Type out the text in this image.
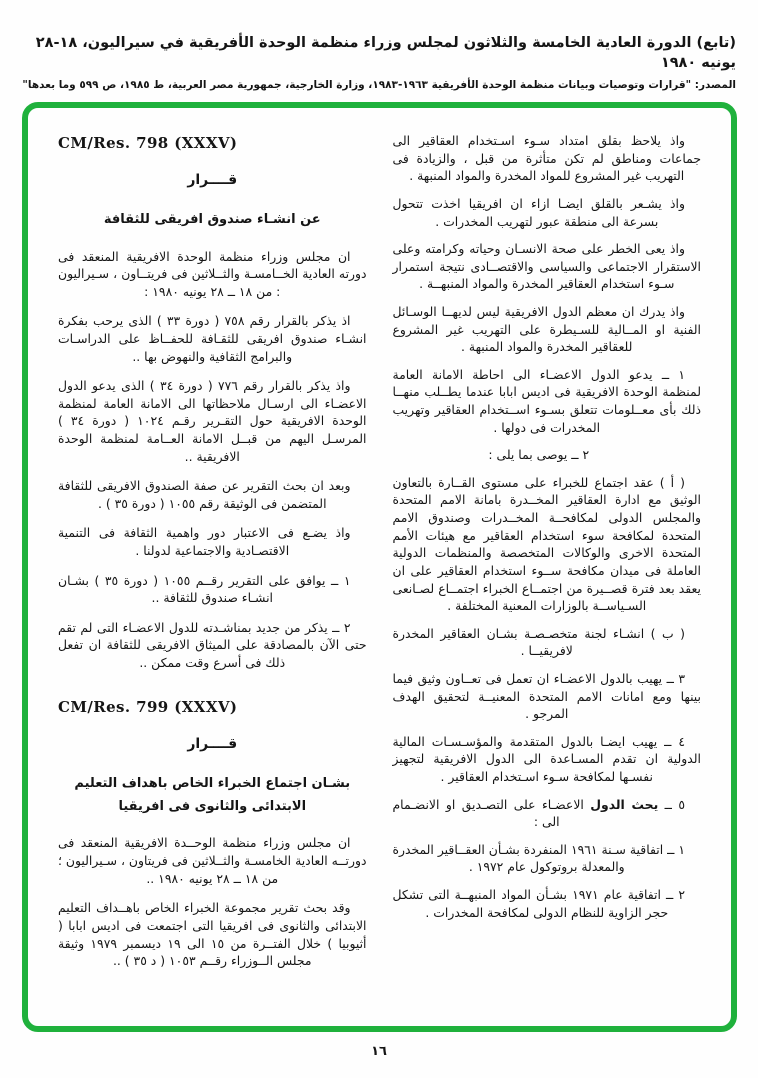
(تابع) الدورة العادية الخامسة والثلاثون لمجلس وزراء منظمة الوحدة الأفريقية في سيراليون، ١٨-٢٨ يونيه ١٩٨٠
المصدر: "قرارات وتوصيات وبيانات منظمة الوحدة الأفريقية ١٩٦٣-١٩٨٣، وزارة الخارجية، جمهورية مصر العربية، ط ١٩٨٥، ص ٥٩٩ وما بعدها"

واذ يلاحظ بقلق امتداد سـوء اسـتخدام العقاقير الى جماعات ومناطق لم تكن متأثرة من قبل ، والزيادة فى التهريب غير المشروع للمواد المخدرة والمواد المنبهة .

واذ يشـعر بالقلق ايضـا ازاء ان افريقيا اخذت تتحول بسرعة الى منطقة عبور لتهريب المخدرات .

واذ يعى الخطر على صحة الانسـان وحياته وكرامته وعلى الاستقرار الاجتماعى والسياسى والاقتصــادى نتيجة استمرار سـوء استخدام العقاقير المخدرة والمواد المنبهــة .

واذ يدرك ان معظم الدول الافريقية ليس لديهــا الوسـائل الفنية او المــالية للسـيطرة على التهريب غير المشروع للعقاقير المخدرة والمواد المنبهة .

١ ــ يدعو الدول الاعضـاء الى احاطة الامانة العامة لمنظمة الوحدة الافريقية فى اديس ابابا عندما يطــلب منهــا ذلك بأى معــلومات تتعلق بسـوء اســتخدام العقاقير وتهريب المخدرات فى دولها .

٢ ــ يوصى بما يلى :

( أ ) عقد اجتماع للخبراء على مستوى القــارة بالتعاون الوثيق مع ادارة العقاقير المخــدرة بامانة الامم المتحدة والمجلس الدولى لمكافحــة المخــدرات وصندوق الامم المتحدة لمكافحة سوء استخدام العقاقير مع هيئات الأمم المتحدة الاخرى والوكالات المتخصصة والمنظمات الدولية العاملة فى ميدان مكافحة ســوء استخدام العقاقير على ان يعقد بعد فترة قصــيرة من اجتمــاع الخبراء اجتمــاع لصـانعى السـياســة بالوزارات المعنية المختلفة .

( ب ) انشـاء لجنة متخصـصـة بشـان العقاقير المخدرة لافريقيــا .

٣ ــ يهيب بالدول الاعضـاء ان تعمل فى تعــاون وثيق فيما بينها ومع امانات الامم المتحدة المعنيــة لتحقيق الهدف المرجو .

٤ ــ يهيب ايضـا بالدول المتقدمة والمؤسـسـات المالية الدولية ان تقدم المسـاعدة الى الدول الافريقية لتجهيز نفسـها لمكافحة سـوء اسـتخدام العقاقير .

٥ ــ يحث الدول الاعضـاء على التصـديق او الانضـمام الى :

١ ــ اتفاقية سـنة ١٩٦١ المنفردة بشـأن العقــاقير المخدرة والمعدلة بروتوكول عام ١٩٧٢ .

٢ ــ اتفاقية عام ١٩٧١ بشـأن المواد المنبهــة التى تشكل حجر الزاوية للنظام الدولى لمكافحة المخدرات .

CM/Res. 798 (XXXV)
قــــرار
عن انشـاء صندوق افريقى للثقافة

ان مجلس وزراء منظمة الوحدة الافريقية المنعقد فى دورته العادية الخــامسـة والثــلاثين فى فريتــاون ، سـيراليون : من ١٨ ــ ٢٨ يونيه ١٩٨٠ :

اذ يذكر بالقرار رقم ٧٥٨ ( دورة ٣٣ ) الذى يرحب بفكرة انشـاء صندوق افريقى للثقـافة للحفــاظ على الدراسـات والبرامج الثقافية والنهوض بها ..

واذ يذكر بالقرار رقم ٧٧٦ ( دورة ٣٤ ) الذى يدعو الدول الاعضـاء الى ارسـال ملاحظاتها الى الامانة العامة لمنظمة الوحدة الافريقية حول التقـرير رقـم ١٠٢٤ ( دورة ٣٤ ) المرسـل اليهم من قبــل الامانة العــامة لمنظمة الوحدة الافريقية ..

وبعد ان بحث التقرير عن صفة الصندوق الافريقى للثقافة المتضمن فى الوثيقة رقم ١٠٥٥ ( دورة ٣٥ ) .

واذ يضـع فى الاعتبار دور واهمية الثقافة فى التنمية الاقتصـادية والاجتماعية لدولنا .

١ ــ يوافق على التقرير رقــم ١٠٥٥ ( دورة ٣٥ ) بشـان انشـاء صندوق للثقافة ..

٢ ــ يذكر من جديد بمناشـدته للدول الاعضـاء التى لم تقم حتى الآن بالمصادقة على الميثاق الافريقى للثقافة ان تفعل ذلك فى أسرع وقت ممكن ..

CM/Res. 799 (XXXV)
قــــرار
بشـان اجتماع الخبراء الخاص باهداف التعليم
الابتدائى والثانوى فى افريقيا

ان مجلس وزراء منظمة الوحــدة الافريقية المنعقد فى دورتــه العادية الخامسـة والثــلاثين فى فريتاون ، سـيراليون ؛ من ١٨ ــ ٢٨ يونيه ١٩٨٠ ..

وقد بحث تقرير مجموعة الخبراء الخاص باهــداف التعليم الابتدائى والثانوى فى افريقيا التى اجتمعت فى اديس ابابا ( أثيوبيا ) خلال الفتــرة من ١٥ الى ١٩ ديسمبر ١٩٧٩ وثيقة مجلس الــوزراء رقــم ١٠٥٣ ( د ٣٥ ) ..

١٦
